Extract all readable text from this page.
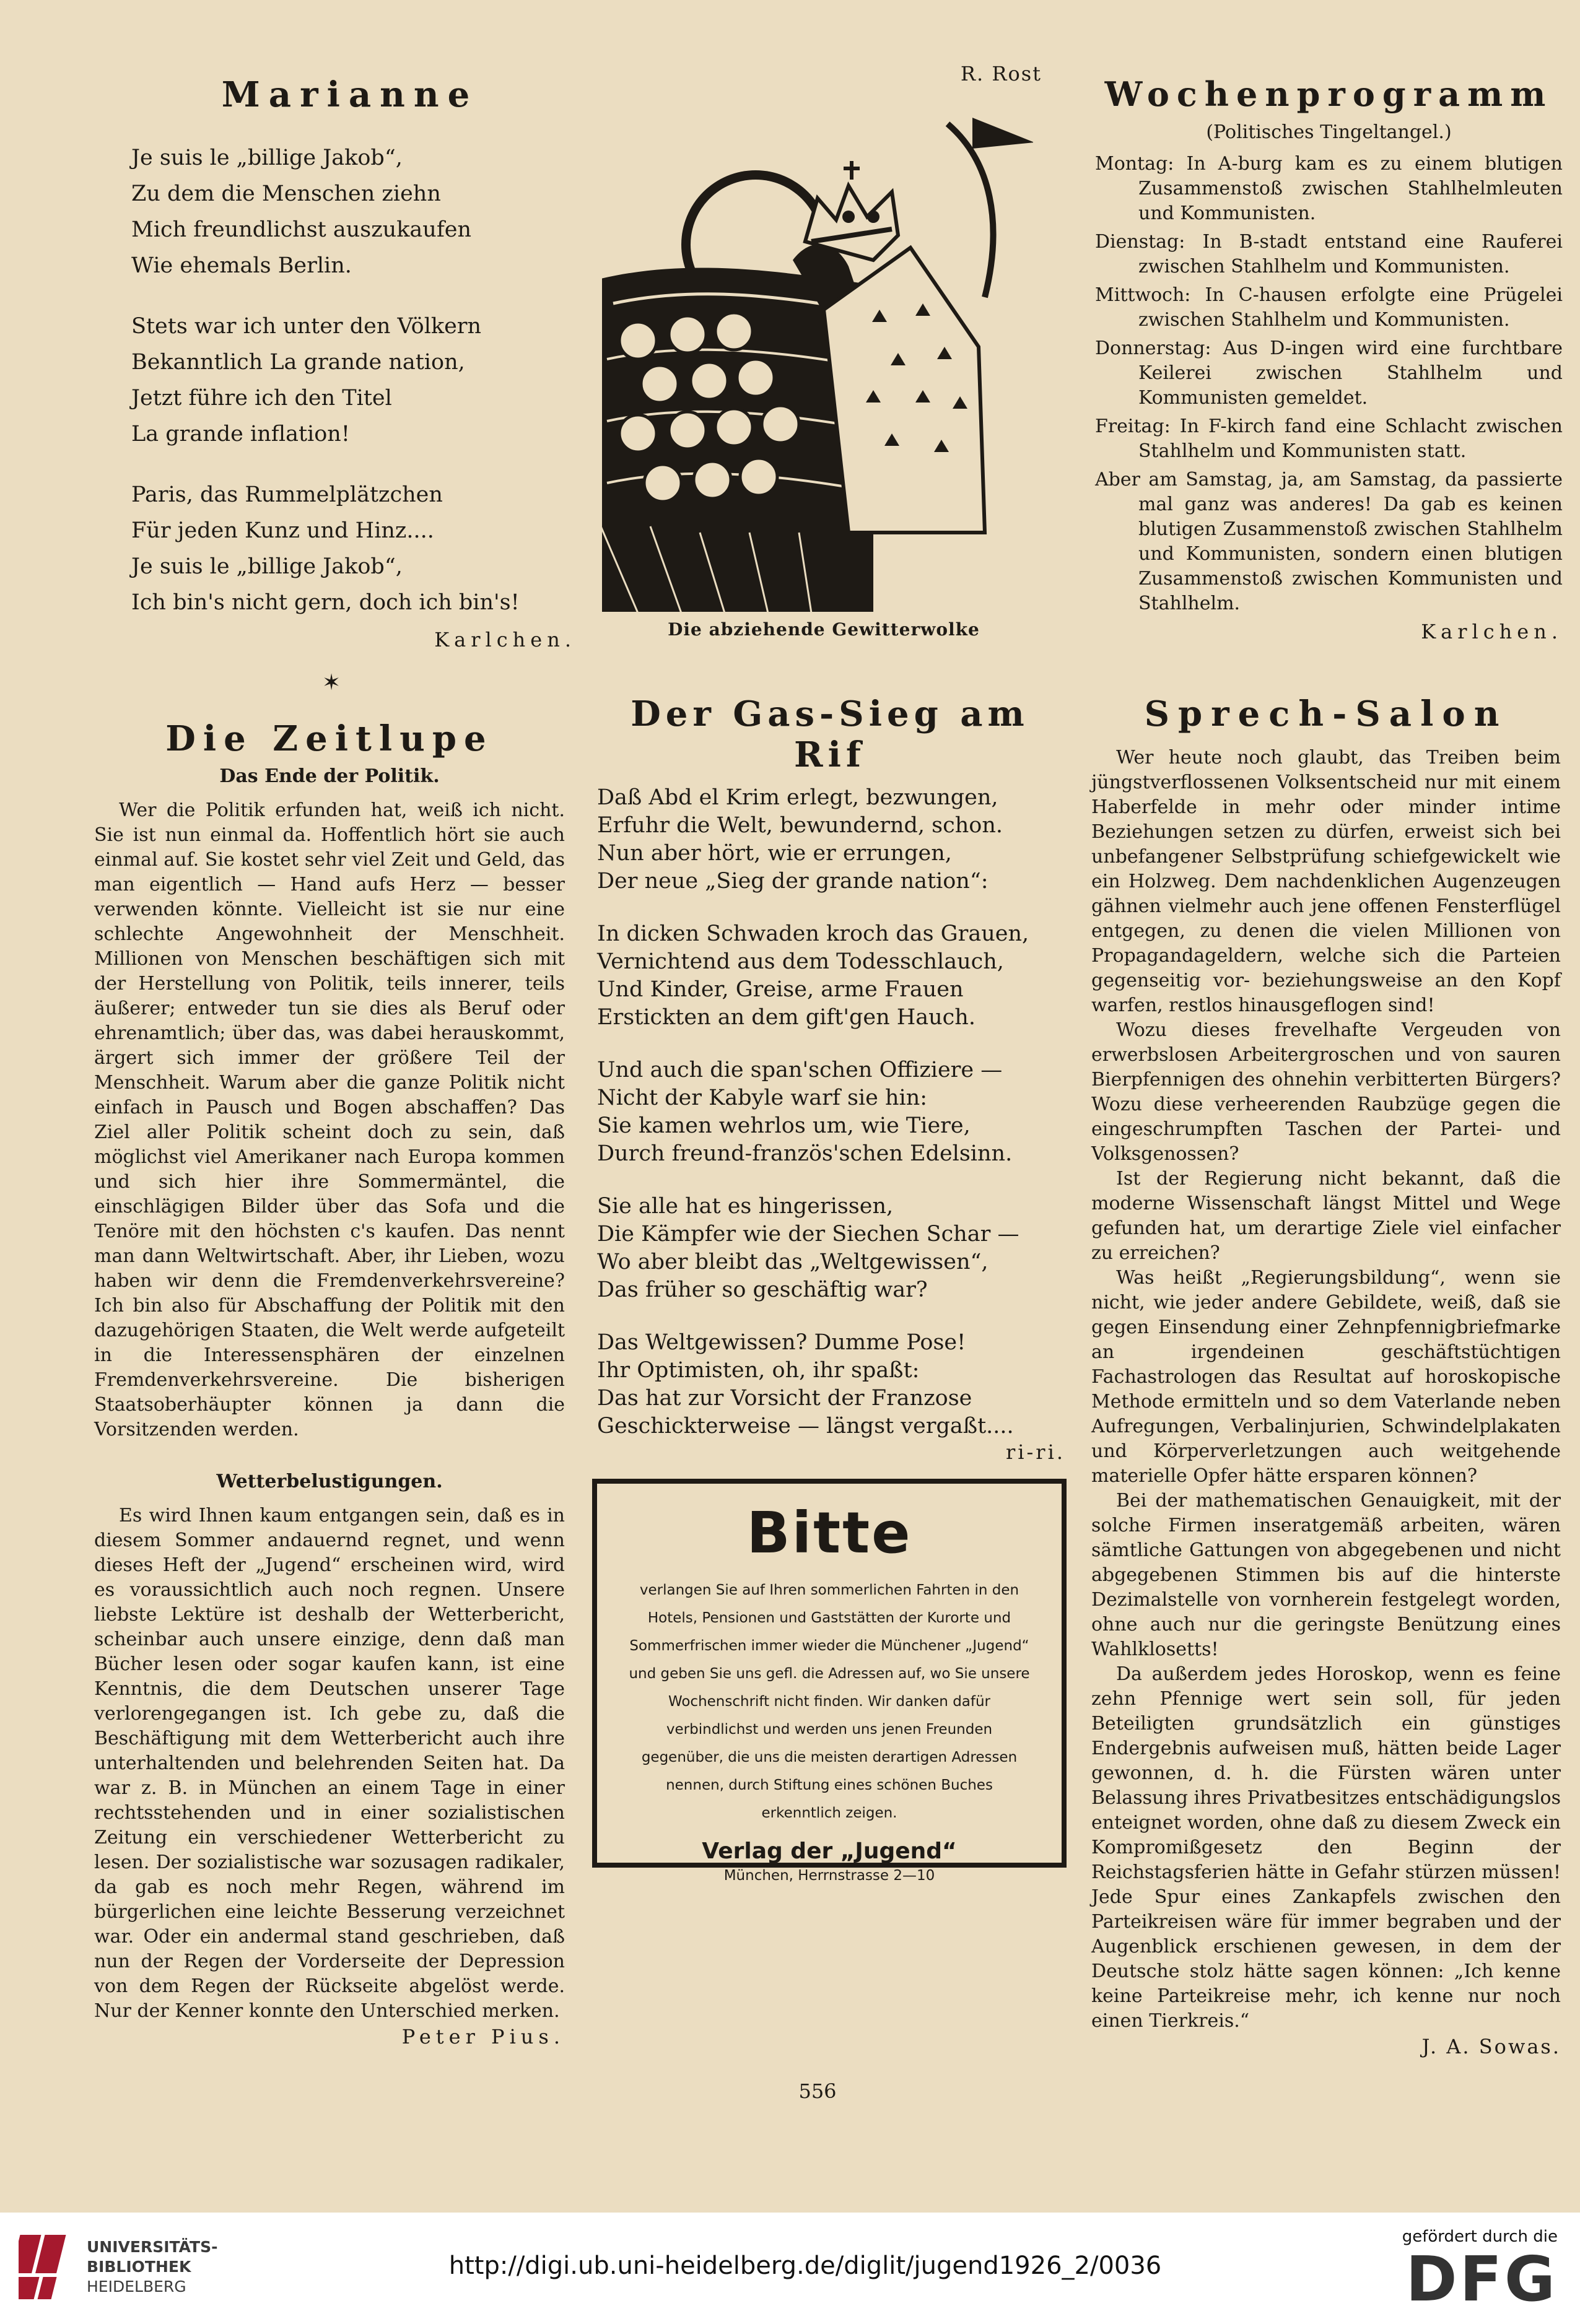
Marianne

Je suis le „billige Jakob“,

Zu dem die Menschen ziehn

Mich freundlichst auszukaufen

Wie ehemals Berlin.

Stets war ich unter den Völkern

Bekanntlich La grande nation,

Jetzt führe ich den Titel

La grande inflation!

Paris, das Rummelplätzchen

Für jeden Kunz und Hinz....

Je suis le „billige Jakob“,

Ich bin's nicht gern, doch ich bin's!

Karlchen.
R. Rost
Die abziehende Gewitterwolke
Wochenprogramm
(Politisches Tingeltangel.)

Montag: In A-burg kam es zu einem blutigen Zusammenstoß zwischen Stahlhelmleuten und Kommunisten.

Dienstag: In B-stadt entstand eine Rauferei zwischen Stahlhelm und Kommunisten.

Mittwoch: In C-hausen erfolgte eine Prügelei zwischen Stahlhelm und Kommunisten.

Donnerstag: Aus D-ingen wird eine furchtbare Keilerei zwischen Stahlhelm und Kommunisten gemeldet.

Freitag: In F-kirch fand eine Schlacht zwischen Stahlhelm und Kommunisten statt.

Aber am Samstag, ja, am Samstag, da passierte mal ganz was anderes! Da gab es keinen blutigen Zusammenstoß zwischen Stahlhelm und Kommunisten, sondern einen blutigen Zusammenstoß zwischen Kommunisten und Stahlhelm.

Karlchen.
✶
Die Zeitlupe
Das Ende der Politik.

Wer die Politik erfunden hat, weiß ich nicht. Sie ist nun einmal da. Hoffentlich hört sie auch einmal auf. Sie kostet sehr viel Zeit und Geld, das man eigentlich — Hand aufs Herz — besser verwenden könnte. Vielleicht ist sie nur eine schlechte Angewohnheit der Menschheit. Millionen von Menschen beschäftigen sich mit der Herstellung von Politik, teils innerer, teils äußerer; entweder tun sie dies als Beruf oder ehrenamtlich; über das, was dabei herauskommt, ärgert sich immer der größere Teil der Menschheit. Warum aber die ganze Politik nicht einfach in Pausch und Bogen abschaffen? Das Ziel aller Politik scheint doch zu sein, daß möglichst viel Amerikaner nach Europa kommen und sich hier ihre Sommermäntel, die einschlägigen Bilder über das Sofa und die Tenöre mit den höchsten c's kaufen. Das nennt man dann Weltwirtschaft. Aber, ihr Lieben, wozu haben wir denn die Fremdenverkehrsvereine? Ich bin also für Abschaffung der Politik mit den dazugehörigen Staaten, die Welt werde aufgeteilt in die Interessensphären der einzelnen Fremdenverkehrsvereine. Die bisherigen Staatsoberhäupter können ja dann die Vorsitzenden werden.

Wetterbelustigungen.

Es wird Ihnen kaum entgangen sein, daß es in diesem Sommer andauernd regnet, und wenn dieses Heft der „Jugend“ erscheinen wird, wird es voraussichtlich auch noch regnen. Unsere liebste Lektüre ist deshalb der Wetterbericht, scheinbar auch unsere einzige, denn daß man Bücher lesen oder sogar kaufen kann, ist eine Kenntnis, die dem Deutschen unserer Tage verlorengegangen ist. Ich gebe zu, daß die Beschäftigung mit dem Wetterbericht auch ihre unterhaltenden und belehrenden Seiten hat. Da war z. B. in München an einem Tage in einer rechtsstehenden und in einer sozialistischen Zeitung ein verschiedener Wetterbericht zu lesen. Der sozialistische war sozusagen radikaler, da gab es noch mehr Regen, während im bürgerlichen eine leichte Besserung verzeichnet war. Oder ein andermal stand geschrieben, daß nun der Regen der Vorderseite der Depression von dem Regen der Rückseite abgelöst werde. Nur der Kenner konnte den Unterschied merken.

Peter Pius.
Der Gas-Sieg am Rif

Daß Abd el Krim erlegt, bezwungen,

Erfuhr die Welt, bewundernd, schon.

Nun aber hört, wie er errungen,

Der neue „Sieg der grande nation“:

In dicken Schwaden kroch das Grauen,

Vernichtend aus dem Todesschlauch,

Und Kinder, Greise, arme Frauen

Erstickten an dem gift'gen Hauch.

Und auch die span'schen Offiziere —

Nicht der Kabyle warf sie hin:

Sie kamen wehrlos um, wie Tiere,

Durch freund-französ'schen Edelsinn.

Sie alle hat es hingerissen,

Die Kämpfer wie der Siechen Schar —

Wo aber bleibt das „Weltgewissen“,

Das früher so geschäftig war?

Das Weltgewissen? Dumme Pose!

Ihr Optimisten, oh, ihr spaßt:

Das hat zur Vorsicht der Franzose

Geschickterweise — längst vergaßt....

ri-ri.
Bitte
verlangen Sie auf Ihren sommerlichen Fahrten in den Hotels, Pensionen und Gaststätten der Kurorte und Sommerfrischen immer wieder die Münchener „Jugend“ und geben Sie uns gefl. die Adressen auf, wo Sie unsere Wochenschrift nicht finden. Wir danken dafür verbindlichst und werden uns jenen Freunden gegenüber, die uns die meisten derartigen Adressen nennen, durch Stiftung eines schönen Buches erkenntlich zeigen.
Verlag der „Jugend“
München, Herrnstrasse 2—10
Sprech-Salon

Wer heute noch glaubt, das Treiben beim jüngstverflossenen Volksentscheid nur mit einem Haberfelde in mehr oder minder intime Beziehungen setzen zu dürfen, erweist sich bei unbefangener Selbstprüfung schiefgewickelt wie ein Holzweg. Dem nachdenklichen Augenzeugen gähnen vielmehr auch jene offenen Fensterflügel entgegen, zu denen die vielen Millionen von Propagandageldern, welche sich die Parteien gegenseitig vor- beziehungsweise an den Kopf warfen, restlos hinausgeflogen sind!

Wozu dieses frevelhafte Vergeuden von erwerbslosen Arbeitergroschen und von sauren Bierpfennigen des ohnehin verbitterten Bürgers? Wozu diese verheerenden Raubzüge gegen die eingeschrumpften Taschen der Partei- und Volksgenossen?

Ist der Regierung nicht bekannt, daß die moderne Wissenschaft längst Mittel und Wege gefunden hat, um derartige Ziele viel einfacher zu erreichen?

Was heißt „Regierungsbildung“, wenn sie nicht, wie jeder andere Gebildete, weiß, daß sie gegen Einsendung einer Zehnpfennigbriefmarke an irgendeinen geschäftstüchtigen Fachastrologen das Resultat auf horoskopische Methode ermitteln und so dem Vaterlande neben Aufregungen, Verbalinjurien, Schwindelplakaten und Körperverletzungen auch weitgehende materielle Opfer hätte ersparen können?

Bei der mathematischen Genauigkeit, mit der solche Firmen inseratgemäß arbeiten, wären sämtliche Gattungen von abgegebenen und nicht abgegebenen Stimmen bis auf die hinterste Dezimalstelle von vornherein festgelegt worden, ohne auch nur die geringste Benützung eines Wahlklosetts!

Da außerdem jedes Horoskop, wenn es feine zehn Pfennige wert sein soll, für jeden Beteiligten grundsätzlich ein günstiges Endergebnis aufweisen muß, hätten beide Lager gewonnen, d. h. die Fürsten wären unter Belassung ihres Privatbesitzes entschädigungslos enteignet worden, ohne daß zu diesem Zweck ein Kompromißgesetz den Beginn der Reichstagsferien hätte in Gefahr stürzen müssen! Jede Spur eines Zankapfels zwischen den Parteikreisen wäre für immer begraben und der Augenblick erschienen gewesen, in dem der Deutsche stolz hätte sagen können: „Ich kenne keine Parteikreise mehr, ich kenne nur noch einen Tierkreis.“

J. A. Sowas.
556
UNIVERSITÄTS-
BIBLIOTHEK
HEIDELBERG
http://digi.ub.uni-heidelberg.de/diglit/jugend1926_2/0036
gefördert durch die
DFG
